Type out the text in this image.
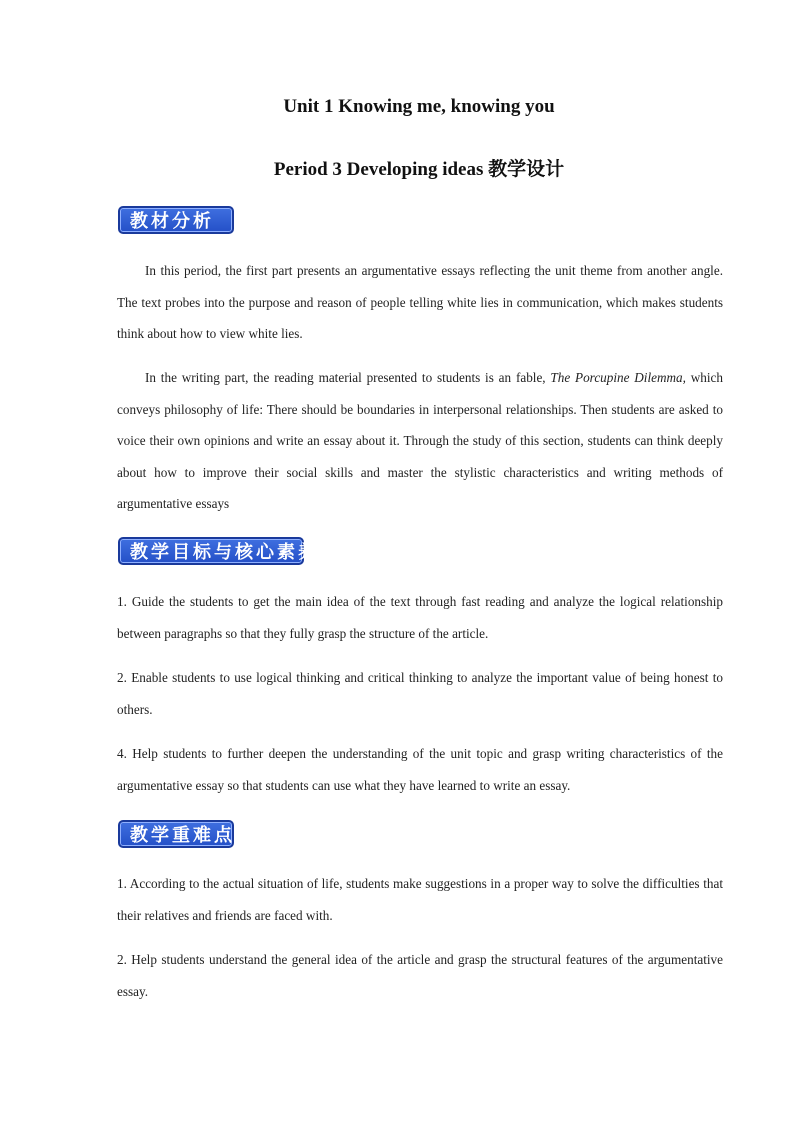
Unit 1 Knowing me, knowing you
Period 3 Developing ideas 教学设计
教材分析

In this period, the first part presents an argumentative essays reflecting the unit theme from another angle. The text probes into the purpose and reason of people telling white lies in communication, which makes students think about how to view white lies.

In the writing part, the reading material presented to students is an fable, The Porcupine Dilemma, which conveys philosophy of life: There should be boundaries in interpersonal relationships. Then students are asked to voice their own opinions and write an essay about it. Through the study of this section, students can think deeply about how to improve their social skills and master the stylistic characteristics and writing methods of argumentative essays

教学目标与核心素养

1. Guide the students to get the main idea of the text through fast reading and analyze the logical relationship between paragraphs so that they fully grasp the structure of the article.

2. Enable students to use logical thinking and critical thinking to analyze the important value of being honest to others.

4. Help students to further deepen the understanding of the unit topic and grasp writing characteristics of the argumentative essay so that students can use what they have learned to write an essay.

教学重难点

1. According to the actual situation of life, students make suggestions in a proper way to solve the difficulties that their relatives and friends are faced with.

2. Help students understand the general idea of the article and grasp the structural features of the argumentative essay.
